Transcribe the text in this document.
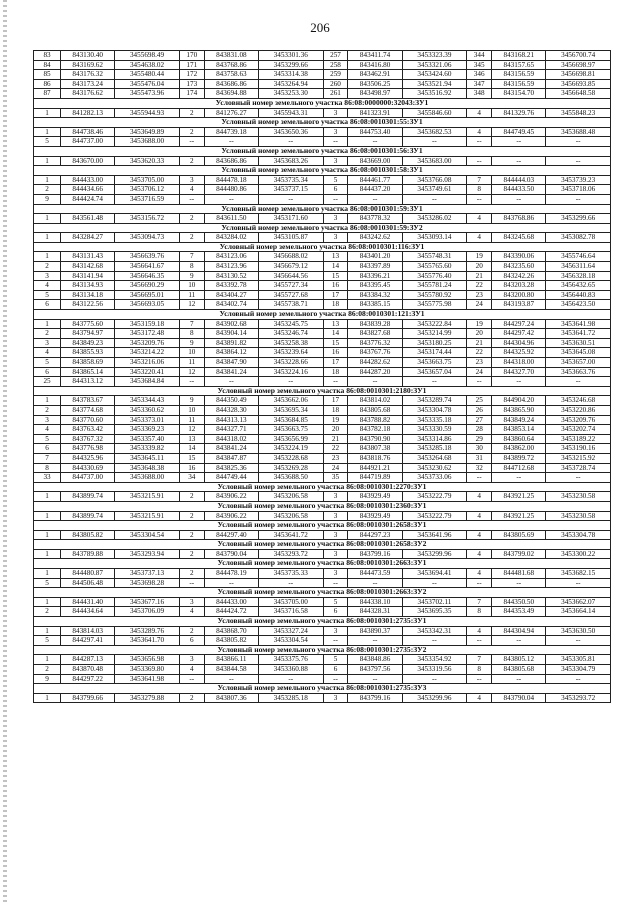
206
83	843130.40	3455698.49	170	843831.08	3453301.36	257	843411.74	3453323.39	344	843168.21	3456700.74
84	843169.62	3454638.02	171	843768.86	3453299.66	258	843416.80	3453321.06	345	843157.65	3456698.97
85	843176.32	3455480.44	172	843758.63	3453314.38	259	843462.91	3453424.60	346	843156.59	3456698.81
86	843173.24	3455476.04	173	843686.86	3453264.94	260	843506.25	3453521.94	347	843156.59	3456693.85
87	843176.62	3455473.96	174	843694.88	3453253.30	261	843498.97	3453516.92	348	843154.70	3456648.58
Условный номер земельного участка 86:08:0000000:32043:ЗУ1											
1	841282.13	3455944.93	2	841276.27	3455943.31	3	841323.91	3455846.60	4	841329.76	3455848.23
Условный номер земельного участка 86:08:0010301:55:ЗУ1											
1	844738.46	3453649.89	2	844739.18	3453650.36	3	844753.40	3453682.53	4	844749.45	3453688.48
5	844737.00	3453688.00	--	--	--	--	--	--	--	--	--
Условный номер земельного участка 86:08:0010301:56:ЗУ1											
1	843670.00	3453620.33	2	843686.86	3453683.26	3	843669.00	3453683.00	--	--	--
Условный номер земельного участка 86:08:0010301:58:ЗУ1											
1	844433.00	3453705.00	3	844478.18	3453735.34	5	844461.77	3453766.08	7	844444.03	3453739.23
2	844434.66	3453706.12	4	844480.86	3453737.15	6	844437.20	3453749.61	8	844433.50	3453718.06
9	844424.74	3453716.59	--	--	--	--	--	--	--	--	--
Условный номер земельного участка 86:08:0010301:59:ЗУ1											
1	843561.48	3453156.72	2	843611.50	3453171.60	3	843778.32	3453286.02	4	843768.86	3453299.66
Условный номер земельного участка 86:08:0010301:59:ЗУ2											
1	843284.27	3453094.73	2	843284.02	3453105.87	3	843242.62	3453093.14	4	843245.68	3453082.78
Условный номер земельного участка 86:08:0010301:116:ЗУ1											
1	843131.43	3456639.76	7	843123.06	3456688.02	13	843401.20	3455748.31	19	843390.06	3455746.64
2	843142.68	3456641.67	8	843123.96	3456679.12	14	843397.89	3455765.60	20	843235.60	3456311.64
3	843141.94	3456646.35	9	843130.52	3456644.56	15	843396.21	3455776.40	21	843242.26	3456328.18
4	843134.93	3456690.29	10	843392.78	3455727.34	16	843395.45	3455781.24	22	843203.28	3456432.65
5	843134.18	3456695.01	11	843404.27	3455727.68	17	843384.32	3455780.92	23	843200.80	3456440.83
6	843122.56	3456693.05	12	843402.74	3455738.71	18	843385.15	3455775.98	24	843193.87	3456423.50
Условный номер земельного участка 86:08:0010301:121:ЗУ1											
1	843775.60	3453159.18	7	843902.68	3453245.75	13	843839.28	3453222.84	19	844297.24	3453641.98
2	843794.97	3453172.48	8	843904.14	3453246.74	14	843827.68	3453214.99	20	844297.42	3453641.72
3	843849.23	3453209.76	9	843891.82	3453258.38	15	843776.32	3453180.25	21	844304.96	3453630.51
4	843855.93	3453214.22	10	843864.12	3453239.64	16	843767.76	3453174.44	22	844325.92	3453645.08
5	843858.69	3453216.06	11	843847.90	3453228.66	17	844282.62	3453663.75	23	844318.00	3453657.00
6	843865.14	3453220.41	12	843841.24	3453224.16	18	844287.20	3453657.04	24	844327.70	3453663.76
25	844313.12	3453684.84	--	--	--	--	--	--	--	--	--
Условный номер земельного участка 86:08:0010301:2180:ЗУ1											
1	843783.67	3453344.43	9	844350.49	3453662.06	17	843814.02	3453289.74	25	844904.20	3453246.68
2	843774.68	3453360.62	10	844328.30	3453695.34	18	843805.68	3453304.78	26	843865.90	3453220.86
3	843770.60	3453373.01	11	844313.13	3453684.85	19	843788.82	3453335.18	27	843849.24	3453209.76
4	843763.42	3453369.23	12	844327.71	3453663.75	20	843782.18	3453330.59	28	843853.14	3453202.74
5	843767.32	3453357.40	13	844318.02	3453656.99	21	843790.90	3453314.86	29	843860.64	3453189.22
6	843776.98	3453339.82	14	843841.24	3453224.19	22	843807.38	3453285.18	30	843862.00	3453190.16
7	844325.96	3453645.11	15	843847.87	3453228.68	23	843818.76	3453264.68	31	843899.72	3453215.92
8	844330.69	3453648.38	16	843825.36	3453269.28	24	844921.21	3453230.62	32	844712.68	3453728.74
33	844737.00	3453688.00	34	844749.44	3453688.50	35	844719.89	3453733.06	--	--	--
Условный номер земельного участка 86:08:0010301:2270:ЗУ1											
1	843899.74	3453215.91	2	843906.22	3453206.58	3	843929.49	3453222.79	4	843921.25	3453230.58
Условный номер земельного участка 86:08:0010301:2360:ЗУ1											
1	843899.74	3453215.91	2	843906.22	3453206.58	3	843929.49	3453222.79	4	843921.25	3453230.58
Условный номер земельного участка 86:08:0010301:2658:ЗУ1											
1	843805.82	3453304.54	2	844297.40	3453641.72	3	844297.23	3453641.96	4	843805.69	3453304.78
Условный номер земельного участка 86:08:0010301:2658:ЗУ2											
1	843789.88	3453293.94	2	843790.04	3453293.72	3	843799.16	3453299.96	4	843799.02	3453300.22
Условный номер земельного участка 86:08:0010301:2663:ЗУ1											
1	844480.87	3453737.13	2	844478.19	3453735.33	3	844473.59	3453694.41	4	844481.68	3453682.15
5	844506.48	3453698.28	--	--	--	--	--	--	--	--	--
Условный номер земельного участка 86:08:0010301:2663:ЗУ2											
1	844431.40	3453677.16	3	844433.00	3453705.00	5	844338.10	3453702.11	7	844350.50	3453662.07
2	844434.64	3453706.09	4	844424.72	3453716.58	6	844328.31	3453695.35	8	844353.49	3453664.14
Условный номер земельного участка 86:08:0010301:2735:ЗУ1											
1	843814.03	3453289.76	2	843868.70	3453327.24	3	843890.37	3453342.31	4	844304.94	3453630.50
5	844297.41	3453641.70	6	843805.82	3453304.54	--	--	--	--	--	--
Условный номер земельного участка 86:08:0010301:2735:ЗУ2											
1	844287.13	3453656.98	3	843866.11	3453375.76	5	843848.86	3453354.92	7	843805.12	3453305.81
2	843870.48	3453369.80	4	843844.58	3453360.88	6	843797.56	3453319.56	8	843805.68	3453304.79
9	844297.22	3453641.98	--	--	--	--	--	--	--	--	--
Условный номер земельного участка 86:08:0010301:2735:ЗУ3											
1	843799.66	3453279.88	2	843807.36	3453285.18	3	843799.16	3453299.96	4	843790.04	3453293.72
